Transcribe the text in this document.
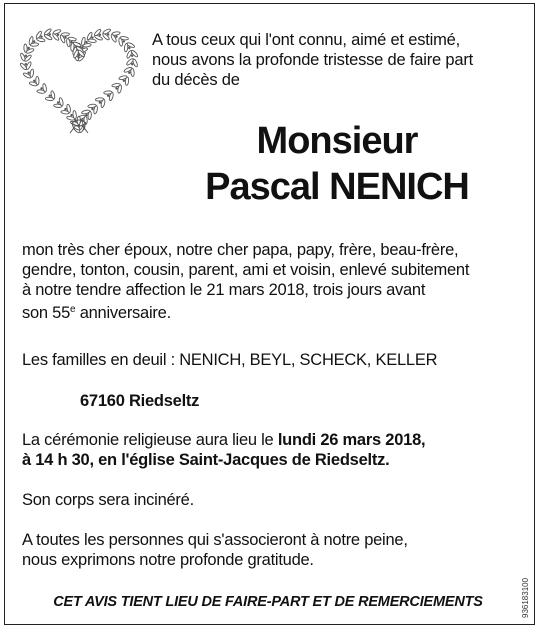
A tous ceux qui l'ont connu, aimé et estimé,
nous avons la profonde tristesse de faire part
du décès de
Monsieur
Pascal NENICH
mon très cher époux, notre cher papa, papy, frère, beau-frère,
gendre, tonton, cousin, parent, ami et voisin, enlevé subitement
à notre tendre affection le 21 mars 2018, trois jours avant
son 55e anniversaire.
Les familles en deuil : NENICH, BEYL, SCHECK, KELLER
67160 Riedseltz
La cérémonie religieuse aura lieu le lundi 26 mars 2018,
à 14 h 30, en l'église Saint-Jacques de Riedseltz.
Son corps sera incinéré.
A toutes les personnes qui s'associeront à notre peine,
nous exprimons notre profonde gratitude.
CET AVIS TIENT LIEU DE FAIRE-PART ET DE REMERCIEMENTS	936183100
